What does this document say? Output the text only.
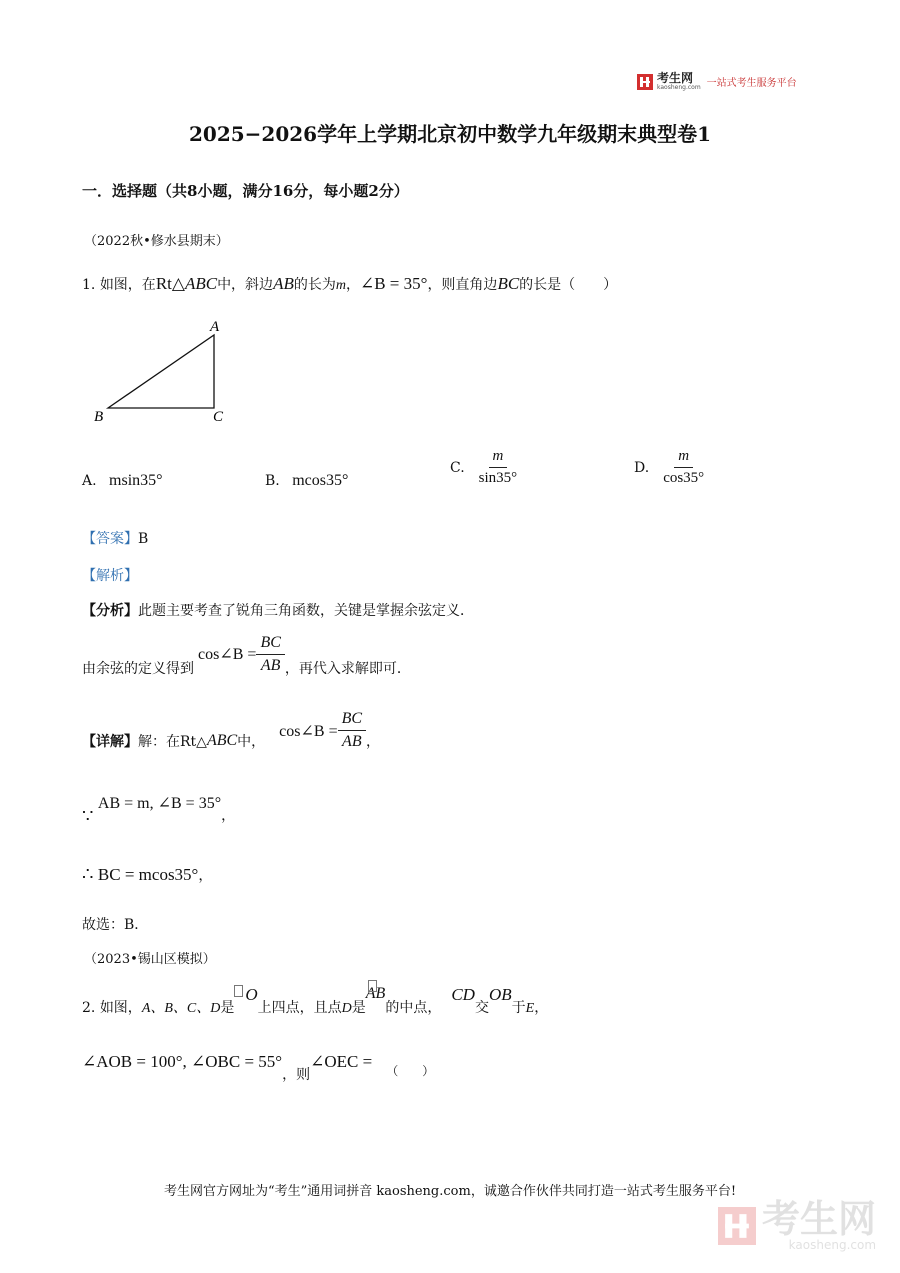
考生网
kaosheng.com 一站式考生服务平台
2025−2026学年上学期北京初中数学九年级期末典型卷1
一．选择题（共8小题，满分16分，每小题2分）
（2022秋•修水县期末）
1. 如图，在Rt△ABC中，斜边AB的长为m，∠B = 35°，则直角边BC的长是（　　）
A
B	C
A. msin35°	B. mcos35°
C. $\frac{m}{\sin 35^\circ}$	D. $\frac{m}{\cos 35^\circ}$
【答案】B
【解析】
【分析】此题主要考查了锐角三角函数，关键是掌握余弦定义．
由余弦的定义得到
cos∠B = $\frac{BC}{AB}$ ，再代入求解即可．
【详解】 解：在Rt△ ABC 中，
cos∠B = $\frac{BC}{AB}$ ，
∵ AB = m, ∠B = 35°，
∴ BC = mcos35°，
故选：B．
（2023•锡山区模拟）
2. 如图，A、B、C、D是O上四点，且点D是
AB的中点，CD交OB于E，
∠AOB = 100°, ∠OBC = 55°，则∠OEC = （　　）
考生网官方网址为“考生”通用词拼音 kaosheng.com，诚邀合作伙伴共同打造一站式考生服务平台!
考生网
kaosheng.com
